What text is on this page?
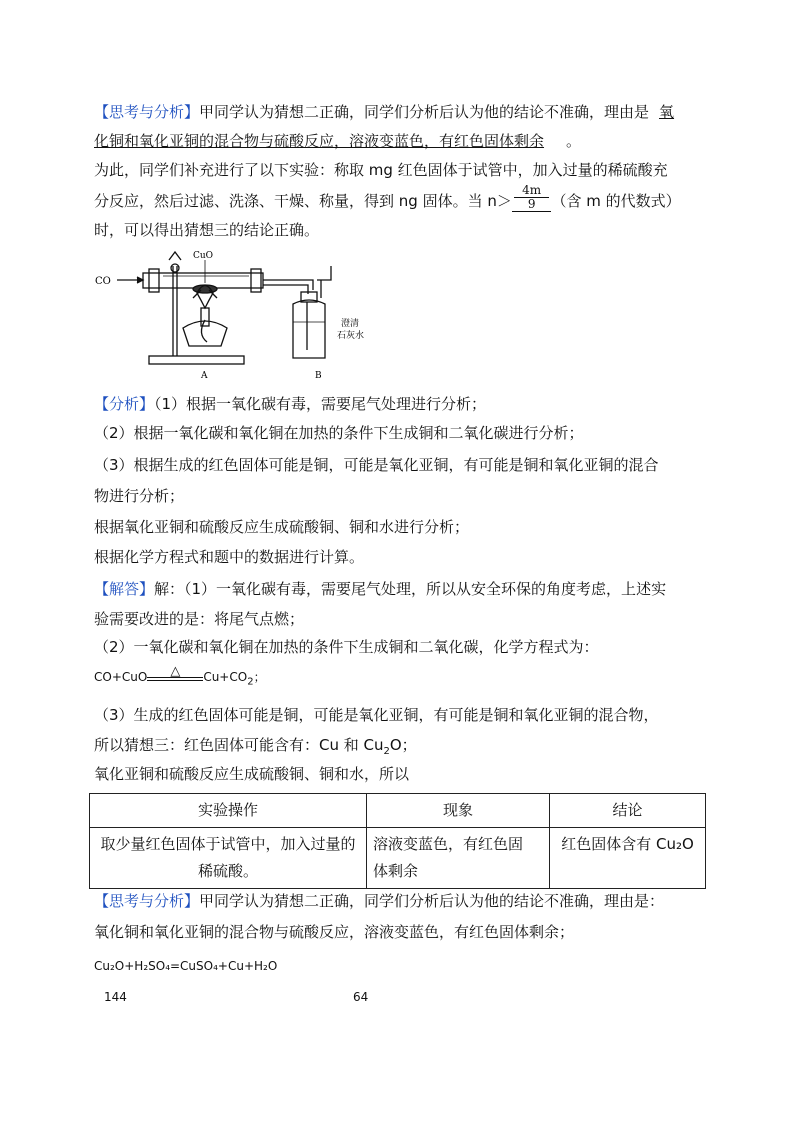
【思考与分析】甲同学认为猜想二正确，同学们分析后认为他的结论不准确，理由是 氧
化铜和氧化亚铜的混合物与硫酸反应，溶液变蓝色，有红色固体剩余 。
为此，同学们补充进行了以下实验：称取 mg 红色固体于试管中，加入过量的稀硫酸充
分反应，然后过滤、洗涤、干燥、称量，得到 ng 固体。当 $n> \frac{4m}{9}$ （含 m 的代数式）
时，可以得出猜想三的结论正确。
CO
CuO
澄清
石灰水
A	B
【分析】（1）根据一氧化碳有毒，需要尾气处理进行分析；
（2）根据一氧化碳和氧化铜在加热的条件下生成铜和二氧化碳进行分析；
（3）根据生成的红色固体可能是铜，可能是氧化亚铜，有可能是铜和氧化亚铜的混合
物进行分析；
根据氧化亚铜和硫酸反应生成硫酸铜、铜和水进行分析；
根据化学方程式和题中的数据进行计算。
【解答】解：（1）一氧化碳有毒，需要尾气处理，所以从安全环保的角度考虑，上述实
验需要改进的是：将尾气点燃；
（2）一氧化碳和氧化铜在加热的条件下生成铜和二氧化碳，化学方程式为：
CO+CuO	△	$Cu+CO_2$；
（3）生成的红色固体可能是铜，可能是氧化亚铜，有可能是铜和氧化亚铜的混合物，
所以猜想三：红色固体可能含有：Cu 和 $Cu_2O$；
氧化亚铜和硫酸反应生成硫酸铜、铜和水，所以
实验操作	现象	结论
取少量红色固体于试管中，加入过量的
稀硫酸。	溶液变蓝色，有红色固
体剩余	红色固体含有 Cu₂O
【思考与分析】甲同学认为猜想二正确，同学们分析后认为他的结论不准确，理由是：
氧化铜和氧化亚铜的混合物与硫酸反应，溶液变蓝色，有红色固体剩余；
Cu₂O+H₂SO₄=CuSO₄+Cu+H₂O
144	64
